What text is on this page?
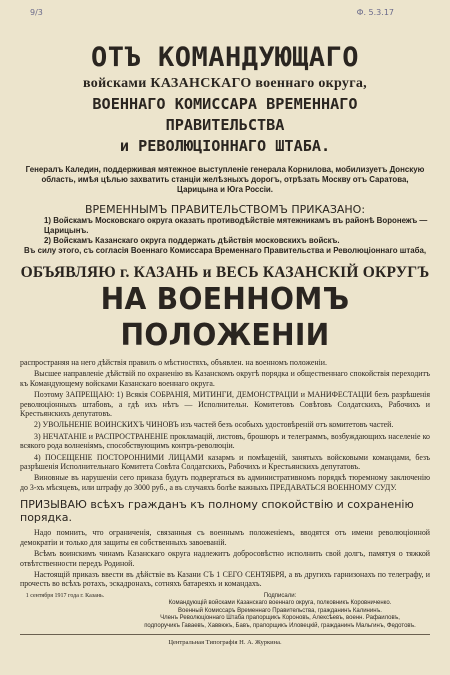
9/3	Ф. 5.3.17
ОТЪ КОМАНДУЮЩАГО
войсками КАЗАНСКАГО военнаго округа,
ВОЕННАГО КОМИССАРА ВРЕМЕННАГО
ПРАВИТЕЛЬСТВА
и РЕВОЛЮЦІОННАГО ШТАБА.
Генералъ Каледин, поддерживая мятежное выступленіе генерала Корнилова, мобилизуетъ Донскую область, имѣя цѣлью захватить станціи желѣзныхъ дорогъ, отрѣзать Москву отъ Саратова, Царицына и Юга Россіи.
ВРЕМЕННЫМЪ ПРАВИТЕЛЬСТВОМЪ ПРИКАЗАНО:
1) Войскамъ Московскаго округа оказать противодѣйствіе мятежникамъ въ районѣ Воронежъ — Царицынъ.
2) Войскамъ Казанскаго округа поддержать дѣйствія московскихъ войскъ.
Въ силу этого, съ согласія Военнаго Комиссара Временнаго Правительства и Революціоннаго штаба,
ОБЪЯВЛЯЮ г. КАЗАНЬ и ВЕСЬ КАЗАНСКІЙ ОКРУГЪ
НА ВОЕННОМЪ ПОЛОЖЕНІИ

распространяя на него дѣйствія правилъ о мѣстностяхъ, объявлен. на военномъ положеніи.

Высшее направленіе дѣйствій по охраненію въ Казанскомъ округѣ порядка и общественнаго спокойствія переходитъ къ Командующему войсками Казанскаго военнаго округа.

Поэтому ЗАПРЕЩАЮ: 1) Всякія СОБРАНІЯ, МИТИНГИ, ДЕМОНСТРАЦІИ и МАНИФЕСТАЦІИ безъ разрѣшенія революціонныхъ штабовъ, а гдѣ ихъ нѣтъ — Исполнительн. Комитетовъ Совѣтовъ Солдатскихъ, Рабочихъ и Крестьянскихъ депутатовъ.

2) УВОЛЬНЕНІЕ ВОИНСКИХЪ ЧИНОВЪ изъ частей безъ особыхъ удостовѣреній отъ комитетовъ частей.

3) НЕЧАТАНІЕ и РАСПРОСТРАНЕНІЕ прокламацій, листовъ, брошюръ и телеграммъ, возбуждающихъ населеніе ко всякого рода волненіямъ, способствующимъ контръ-революціи.

4) ПОСЕЩЕНІЕ ПОСТОРОННИМИ ЛИЦАМИ казармъ и помѣщеній, занятыхъ войсковыми командами, безъ разрѣшенія Исполнительнаго Комитета Совѣта Солдатскихъ, Рабочихъ и Крестьянскихъ депутатовъ.

Виновные въ нарушеніи сего приказа будутъ подвергаться въ административномъ порядкѣ тюремному заключенію до 3-хъ мѣсяцевъ, или штрафу до 3000 руб., а въ случаяхъ болѣе важныхъ ПРЕДАВАТЬСЯ ВОЕННОМУ СУДУ.

ПРИЗЫВАЮ всѣхъ гражданъ къ полному спокойствію и сохраненію порядка.

Надо помнить, что ограниченія, связанныя съ военнымъ положеніемъ, вводятся отъ имени революціонной демократіи и только для защиты ея собственныхъ завоеваній.

Всѣмъ воинскимъ чинамъ Казанскаго округа надлежитъ добросовѣстно исполнить свой долгъ, памятуя о тяжкой отвѣтственности передъ Родиной.

Настоящій приказъ ввести въ дѣйствіе въ Казани СЪ 1 СЕГО СЕНТЯБРЯ, а въ другихъ гарнизонахъ по телеграфу, и прочесть во всѣхъ ротахъ, эскадронахъ, сотняхъ батареяхъ и командахъ.

1 сентября 1917 года г. Казань.	Подписали:
Командующій войсками Казанскаго военнаго округа, полковникъ Коровниченко.
Военный Комиссаръ Временнаго Правительства, гражданинъ Калининъ.
Членъ Революціоннаго Штаба прапорщикъ Короновъ, Алексѣевъ, военн. Рафаиловъ,
подпоручикъ Гаваевъ, Хаввюкъ, Бавъ, прапорщикъ Иловецкій, гражданинъ Мальгинъ, Федотовъ.
Центральная Типографія Н. А. Журкина.
